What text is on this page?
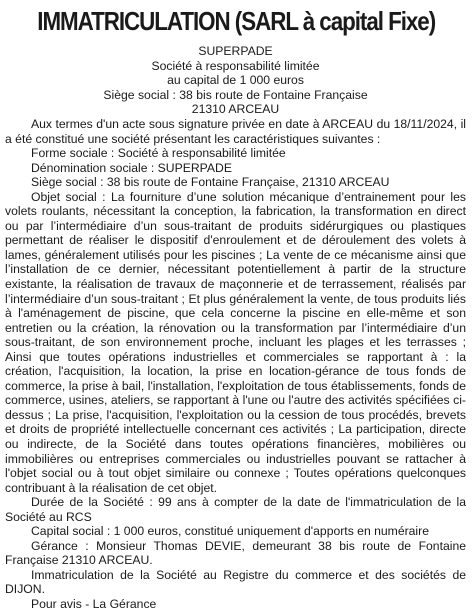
IMMATRICULATION (SARL à capital Fixe)
SUPERPADE
Société à responsabilité limitée
au capital de 1 000 euros
Siège social : 38 bis route de Fontaine Française
21310 ARCEAU

Aux termes d'un acte sous signature privée en date à ARCEAU du 18/11/2024, il a été constitué une société présentant les caractéristiques suivantes :

Forme sociale : Société à responsabilité limitée

Dénomination sociale : SUPERPADE

Siège social : 38 bis route de Fontaine Française, 21310 ARCEAU

Objet social : La fourniture d’une solution mécanique d’entrainement pour les volets roulants, nécessitant la conception, la fabrication, la transformation en direct ou par l’intermédiaire d’un sous-traitant de produits sidérurgiques ou plastiques permettant de réaliser le dispositif d'enroulement et de déroulement des volets à lames, généralement utilisés pour les piscines ; La vente de ce mécanisme ainsi que l’installation de ce dernier, nécessitant potentiellement à partir de la structure existante, la réalisation de travaux de maçonnerie et de terrassement, réalisés par l’intermédiaire d’un sous-traitant ; Et plus généralement la vente, de tous produits liés à l'aménagement de piscine, que cela concerne la piscine en elle-même et son entretien ou la création, la rénovation ou la transformation par l’intermédiaire d’un sous-traitant, de son environnement proche, incluant les plages et les terrasses ; Ainsi que toutes opérations industrielles et commerciales se rapportant à : la création, l'acquisition, la location, la prise en location-gérance de tous fonds de commerce, la prise à bail, l'installation, l'exploitation de tous établissements, fonds de commerce, usines, ateliers, se rapportant à l'une ou l'autre des activités spécifiées ci-dessus ; La prise, l'acquisition, l'exploitation ou la cession de tous procédés, brevets et droits de propriété intellectuelle concernant ces activités ; La participation, directe ou indirecte, de la Société dans toutes opérations financières, mobilières ou immobilières ou entreprises commerciales ou industrielles pouvant se rattacher à l'objet social ou à tout objet similaire ou connexe ; Toutes opérations quelconques contribuant à la réalisation de cet objet.

Durée de la Société : 99 ans à compter de la date de l'immatriculation de la Société au RCS

Capital social : 1 000 euros, constitué uniquement d'apports en numéraire

Gérance : Monsieur Thomas DEVIE, demeurant 38 bis route de Fontaine Française 21310 ARCEAU.

Immatriculation de la Société au Registre du commerce et des sociétés de DIJON.

Pour avis - La Gérance
